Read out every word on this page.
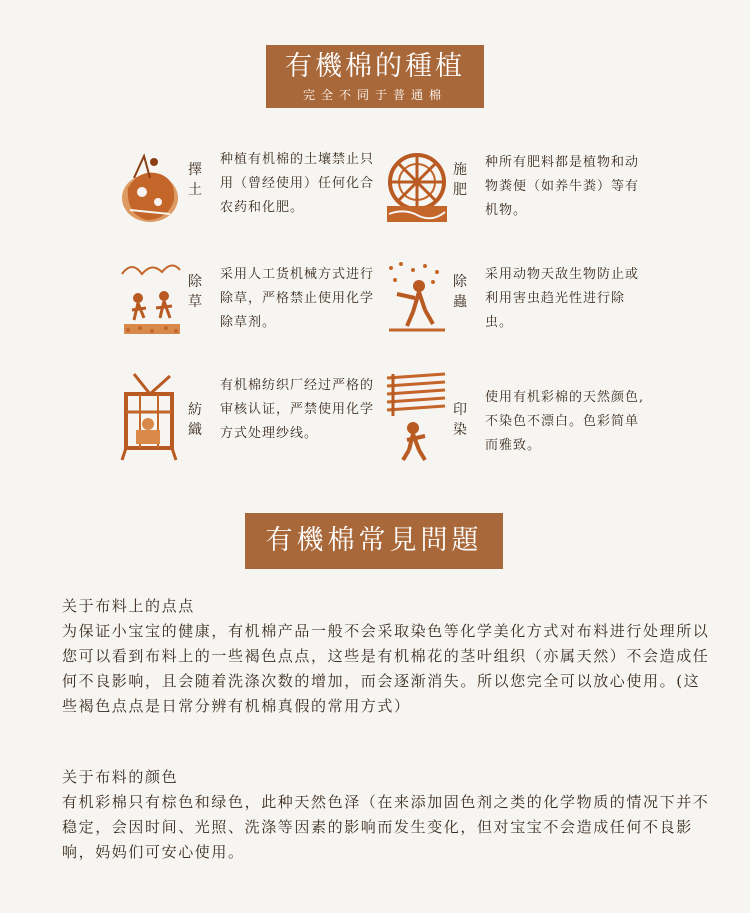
有機棉的種植
完全不同于普通棉
擇土
种植有机棉的土壤禁止只用（曾经使用）任何化合农药和化肥。
施肥
种所有肥料都是植物和动物粪便（如养牛粪）等有机物。
除草
采用人工货机械方式进行除草，严格禁止使用化学除草剂。
除蟲
采用动物天敌生物防止或利用害虫趋光性进行除虫。
紡織
有机棉纺织厂经过严格的审核认证，严禁使用化学方式处理纱线。
印染
使用有机彩棉的天然颜色,不染色不漂白。色彩简单而雅致。
有機棉常見問題

关于布料上的点点

为保证小宝宝的健康，有机棉产品一般不会采取染色等化学美化方式对布料进行处理所以您可以看到布料上的一些褐色点点，这些是有机棉花的茎叶组织（亦属天然）不会造成任何不良影响，且会随着洗涤次数的增加，而会逐渐消失。所以您完全可以放心使用。(这些褐色点点是日常分辨有机棉真假的常用方式）

关于布料的颜色

有机彩棉只有棕色和绿色，此种天然色泽（在来添加固色剂之类的化学物质的情况下并不稳定，会因时间、光照、洗涤等因素的影响而发生变化，但对宝宝不会造成任何不良影响，妈妈们可安心使用。
